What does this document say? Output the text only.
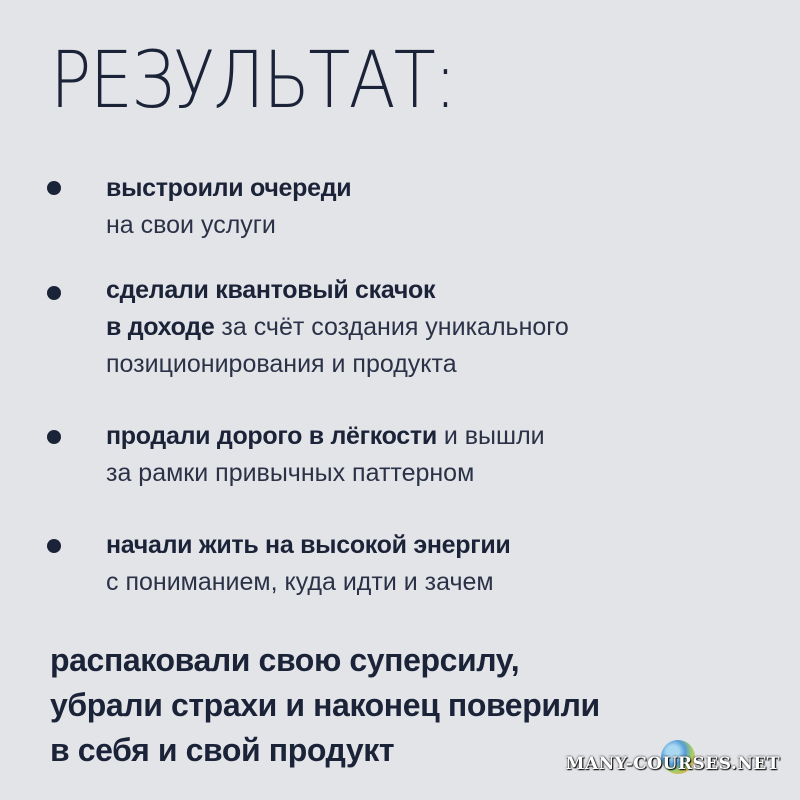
РЕЗУЛЬТАТ:
выстроили очереди
на свои услуги
сделали квантовый скачок
в доходе за счёт создания уникального
позиционирования и продукта
продали дорого в лёгкости и вышли
за рамки привычных паттерном
начали жить на высокой энергии
с пониманием, куда идти и зачем
распаковали свою суперсилу,
убрали страхи и наконец поверили
в себя и свой продукт	MANY-COURSES.NET
